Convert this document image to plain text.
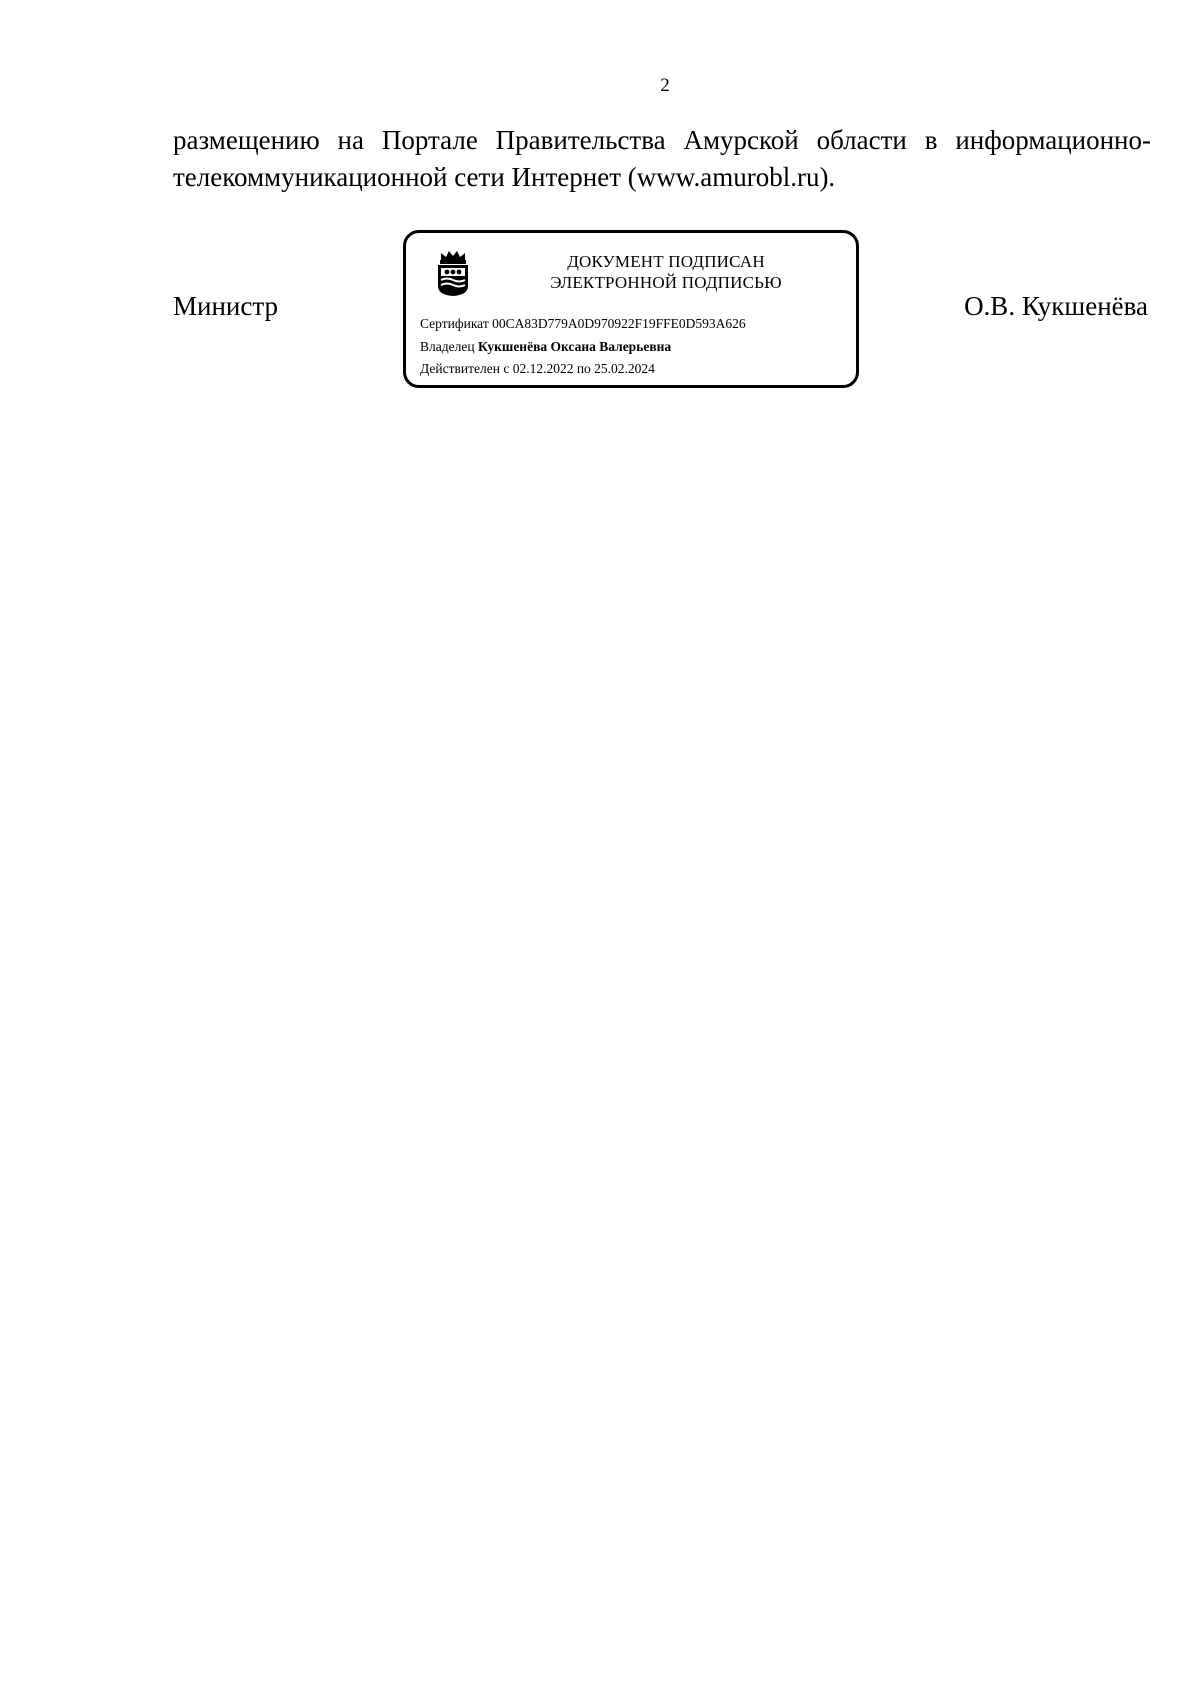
2

размещению на Порталe Правительства Амурской области в информационно-
телекоммуникационной сети Интернет (www.amurobl.ru).

Министр
ДОКУМЕНТ ПОДПИСАН
ЭЛЕКТРОННОЙ ПОДПИСЬЮ
Сертификат 00CA83D779A0D970922F19FFE0D593A626
Владелец Кукшенёва Оксана Валерьевна
Действителен с 02.12.2022 по 25.02.2024
О.В. Кукшенёва
